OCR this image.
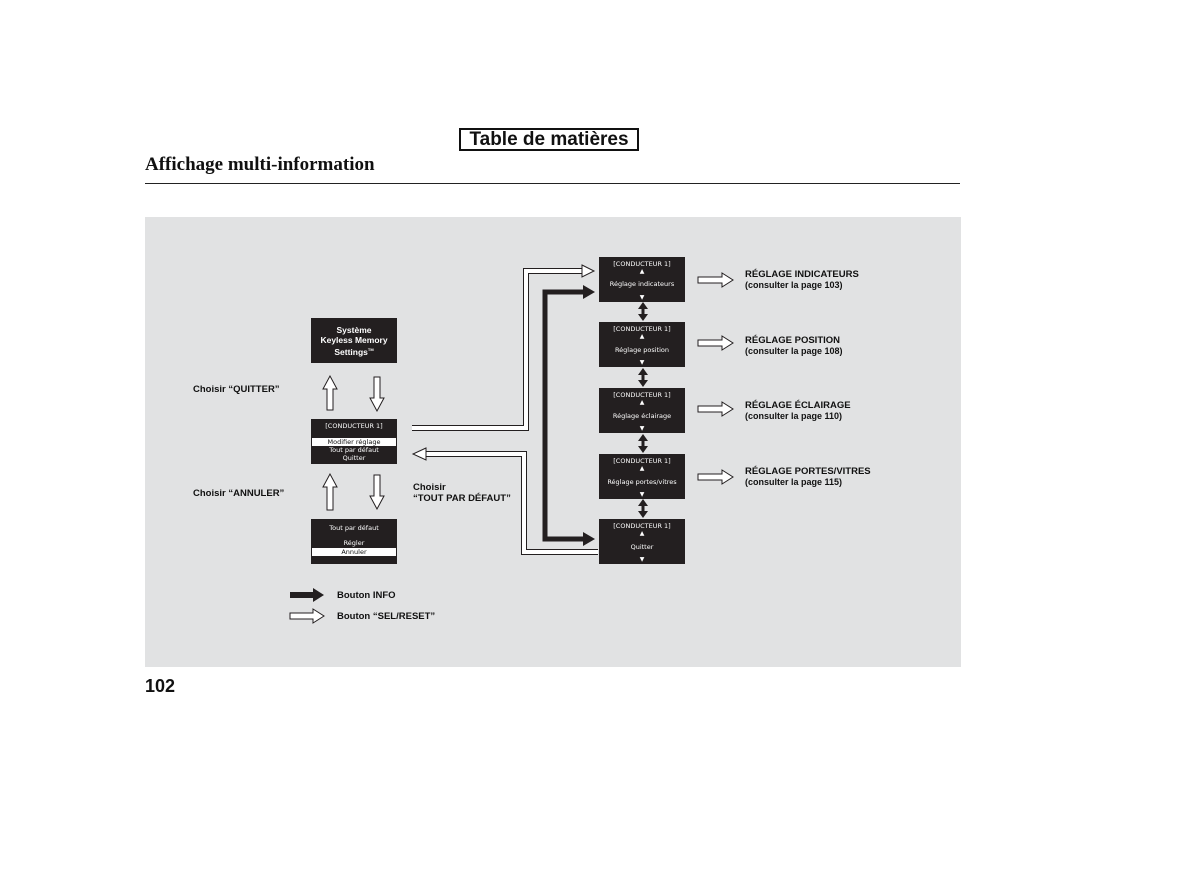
Table de matières
Affichage multi-information
Système
Keyless Memory
Settings™
[CONDUCTEUR 1]
Modifier réglage
Tout par défaut
Quitter
Tout par défaut
Régler
Annuler
[CONDUCTEUR 1]
▲
Réglage indicateurs
▼
[CONDUCTEUR 1]
▲
Réglage position
▼
[CONDUCTEUR 1]
▲
Réglage éclairage
▼
[CONDUCTEUR 1]
▲
Réglage portes/vitres
▼
[CONDUCTEUR 1]
▲
Quitter
▼
RÉGLAGE INDICATEURS
(consulter la page 103)
RÉGLAGE POSITION
(consulter la page 108)
RÉGLAGE ÉCLAIRAGE
(consulter la page 110)
RÉGLAGE PORTES/VITRES
(consulter la page 115)
Choisir “QUITTER”
Choisir “ANNULER”
Choisir
“TOUT PAR DÉFAUT”
Bouton INFO
Bouton “SEL/RESET”
102
